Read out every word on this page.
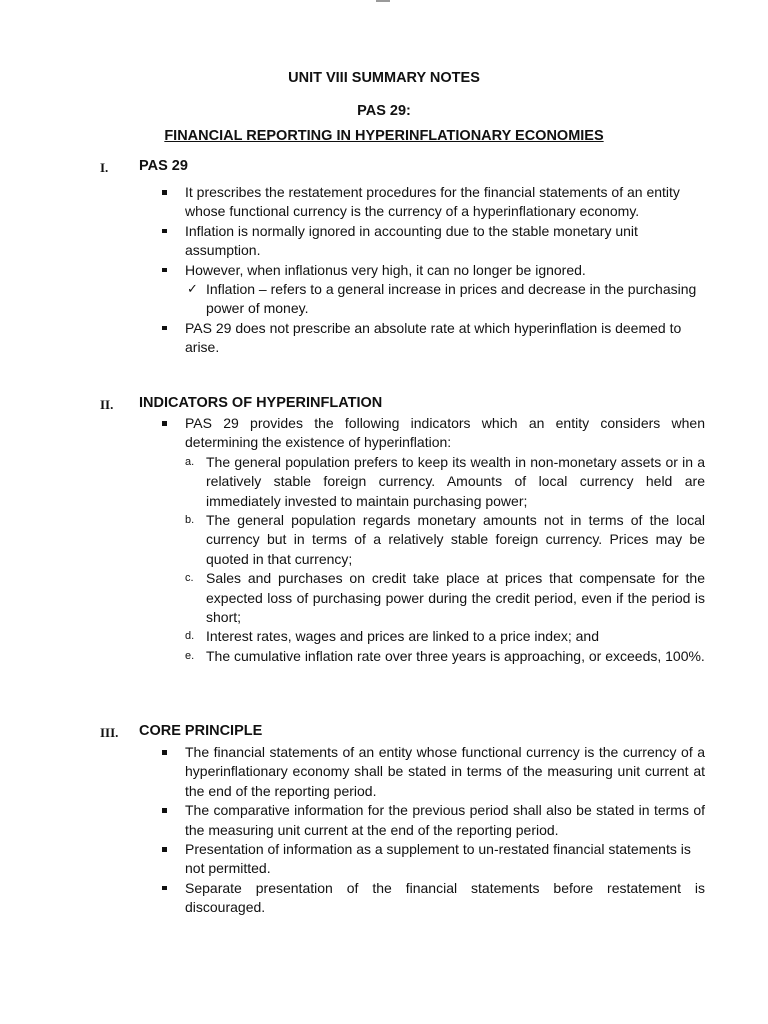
UNIT VIII SUMMARY NOTES
PAS 29:
FINANCIAL REPORTING IN HYPERINFLATIONARY ECONOMIES
I. PAS 29
It prescribes the restatement procedures for the financial statements of an entity whose functional currency is the currency of a hyperinflationary economy.
Inflation is normally ignored in accounting due to the stable monetary unit assumption.
However, when inflationus very high, it can no longer be ignored.
✓ Inflation – refers to a general increase in prices and decrease in the purchasing power of money.
PAS 29 does not prescribe an absolute rate at which hyperinflation is deemed to arise.
II. INDICATORS OF HYPERINFLATION
PAS 29 provides the following indicators which an entity considers when determining the existence of hyperinflation:
a. The general population prefers to keep its wealth in non-monetary assets or in a relatively stable foreign currency. Amounts of local currency held are immediately invested to maintain purchasing power;
b. The general population regards monetary amounts not in terms of the local currency but in terms of a relatively stable foreign currency. Prices may be quoted in that currency;
c. Sales and purchases on credit take place at prices that compensate for the expected loss of purchasing power during the credit period, even if the period is short;
d. Interest rates, wages and prices are linked to a price index; and
e. The cumulative inflation rate over three years is approaching, or exceeds, 100%.
III. CORE PRINCIPLE
The financial statements of an entity whose functional currency is the currency of a hyperinflationary economy shall be stated in terms of the measuring unit current at the end of the reporting period.
The comparative information for the previous period shall also be stated in terms of the measuring unit current at the end of the reporting period.
Presentation of information as a supplement to un-restated financial statements is
not permitted.
Separate presentation of the financial statements before restatement is discouraged.
